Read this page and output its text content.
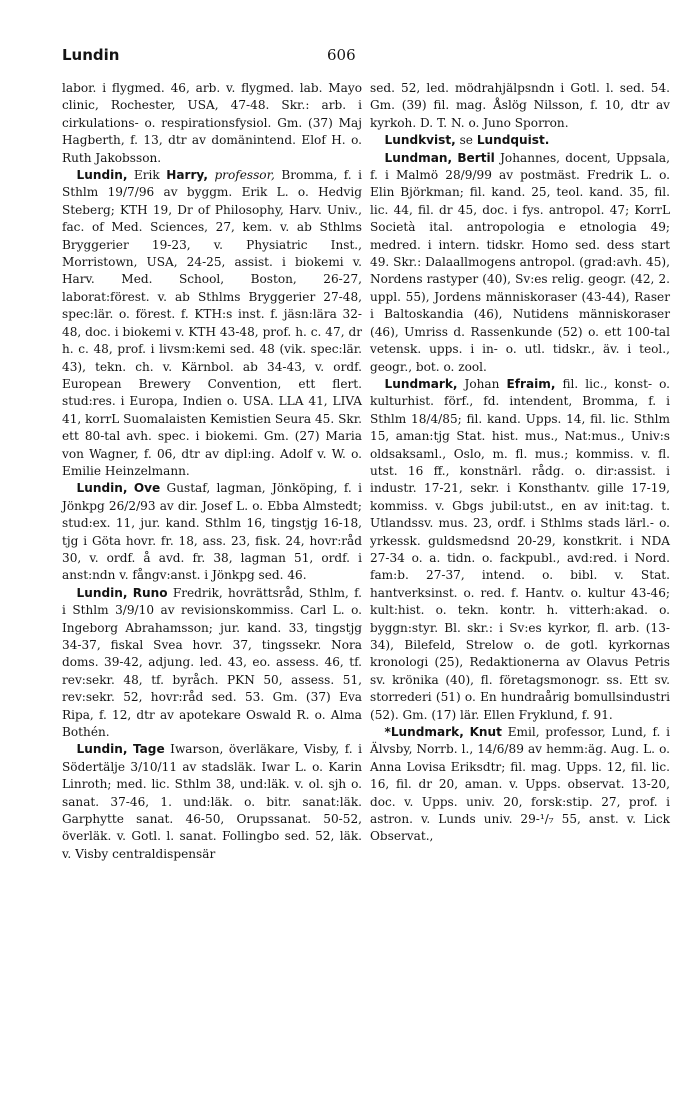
Lundin	606

labor. i flygmed. 46, arb. v. flygmed. lab. Mayo clinic, Rochester, USA, 47-48. Skr.: arb. i cirkulations- o. respirationsfysiol. Gm. (37) Maj Hagberth, f. 13, dtr av domänintend. Elof H. o. Ruth Jakobsson.

Lundin, Erik Harry, professor, Bromma, f. i Sthlm 19/7/96 av byggm. Erik L. o. Hedvig Steberg; KTH 19, Dr of Philosophy, Harv. Univ., fac. of Med. Sciences, 27, kem. v. ab Sthlms Bryggerier 19-23, v. Physiatric Inst., Morristown, USA, 24-25, assist. i biokemi v. Harv. Med. School, Boston, 26-27, laborat:förest. v. ab Sthlms Bryggerier 27-48, spec:lär. o. förest. f. KTH:s inst. f. jäsn:lära 32-48, doc. i biokemi v. KTH 43-48, prof. h. c. 47, dr h. c. 48, prof. i livsm:kemi sed. 48 (vik. spec:lär. 43), tekn. ch. v. Kärnbol. ab 34-43, v. ordf. European Brewery Convention, ett flert. stud:res. i Europa, Indien o. USA. LLA 41, LIVA 41, korrL Suomalaisten Kemistien Seura 45. Skr. ett 80-tal avh. spec. i biokemi. Gm. (27) Maria von Wagner, f. 06, dtr av dipl:ing. Adolf v. W. o. Emilie Heinzelmann.

Lundin, Ove Gustaf, lagman, Jönköping, f. i Jönkpg 26/2/93 av dir. Josef L. o. Ebba Almstedt; stud:ex. 11, jur. kand. Sthlm 16, tingstjg 16-18, tjg i Göta hovr. fr. 18, ass. 23, fisk. 24, hovr:råd 30, v. ordf. å avd. fr. 38, lagman 51, ordf. i anst:ndn v. fångv:anst. i Jönkpg sed. 46.

Lundin, Runo Fredrik, hovrättsråd, Sthlm, f. i Sthlm 3/9/10 av revisionskommiss. Carl L. o. Ingeborg Abrahamsson; jur. kand. 33, tingstjg 34-37, fiskal Svea hovr. 37, tingssekr. Nora doms. 39-42, adjung. led. 43, eo. assess. 46, tf. rev:sekr. 48, tf. byråch. PKN 50, assess. 51, rev:sekr. 52, hovr:råd sed. 53. Gm. (37) Eva Ripa, f. 12, dtr av apotekare Oswald R. o. Alma Bothén.

Lundin, Tage Iwarson, överläkare, Visby, f. i Södertälje 3/10/11 av stadsläk. Iwar L. o. Karin Linroth; med. lic. Sthlm 38, und:läk. v. ol. sjh o. sanat. 37-46, 1. und:läk. o. bitr. sanat:läk. Garphytte sanat. 46-50, Orupssanat. 50-52, överläk. v. Gotl. l. sanat. Follingbo sed. 52, läk. v. Visby centraldispensär

sed. 52, led. mödrahjälpsndn i Gotl. l. sed. 54. Gm. (39) fil. mag. Åslög Nilsson, f. 10, dtr av kyrkoh. D. T. N. o. Juno Sporron.

Lundkvist, se Lundquist.

Lundman, Bertil Johannes, docent, Uppsala, f. i Malmö 28/9/99 av postmäst. Fredrik L. o. Elin Björkman; fil. kand. 25, teol. kand. 35, fil. lic. 44, fil. dr 45, doc. i fys. antropol. 47; KorrL Società ital. antropologia e etnologia 49; medred. i intern. tidskr. Homo sed. dess start 49. Skr.: Dalaallmogens antropol. (grad:avh. 45), Nordens rastyper (40), Sv:es relig. geogr. (42, 2. uppl. 55), Jordens människoraser (43-44), Raser i Baltoskandia (46), Nutidens människoraser (46), Umriss d. Rassenkunde (52) o. ett 100-tal vetensk. upps. i in- o. utl. tidskr., äv. i teol., geogr., bot. o. zool.

Lundmark, Johan Efraim, fil. lic., konst- o. kulturhist. förf., fd. intendent, Bromma, f. i Sthlm 18/4/85; fil. kand. Upps. 14, fil. lic. Sthlm 15, aman:tjg Stat. hist. mus., Nat:mus., Univ:s oldsaksaml., Oslo, m. fl. mus.; kommiss. v. fl. utst. 16 ff., konstnärl. rådg. o. dir:assist. i industr. 17-21, sekr. i Konsthantv. gille 17-19, kommiss. v. Gbgs jubil:utst., en av init:tag. t. Utlandssv. mus. 23, ordf. i Sthlms stads lärl.- o. yrkessk. guldsmedsnd 20-29, konstkrit. i NDA 27-34 o. a. tidn. o. fackpubl., avd:red. i Nord. fam:b. 27-37, intend. o. bibl. v. Stat. hantverksinst. o. red. f. Hantv. o. kultur 43-46; kult:hist. o. tekn. kontr. h. vitterh:akad. o. byggn:styr. Bl. skr.: i Sv:es kyrkor, fl. arb. (13-34), Bilefeld, Strelow o. de gotl. kyrkornas kronologi (25), Redaktionerna av Olavus Petris sv. krönika (40), fl. företagsmonogr. ss. Ett sv. storrederi (51) o. En hundraårig bomullsindustri (52). Gm. (17) lär. Ellen Fryklund, f. 91.

*Lundmark, Knut Emil, professor, Lund, f. i Älvsby, Norrb. l., 14/6/89 av hemm:äg. Aug. L. o. Anna Lovisa Eriksdtr; fil. mag. Upps. 12, fil. lic. 16, fil. dr 20, aman. v. Upps. observat. 13-20, doc. v. Upps. univ. 20, forsk:stip. 27, prof. i astron. v. Lunds univ. 29-¹/₇ 55, anst. v. Lick Observat.,
